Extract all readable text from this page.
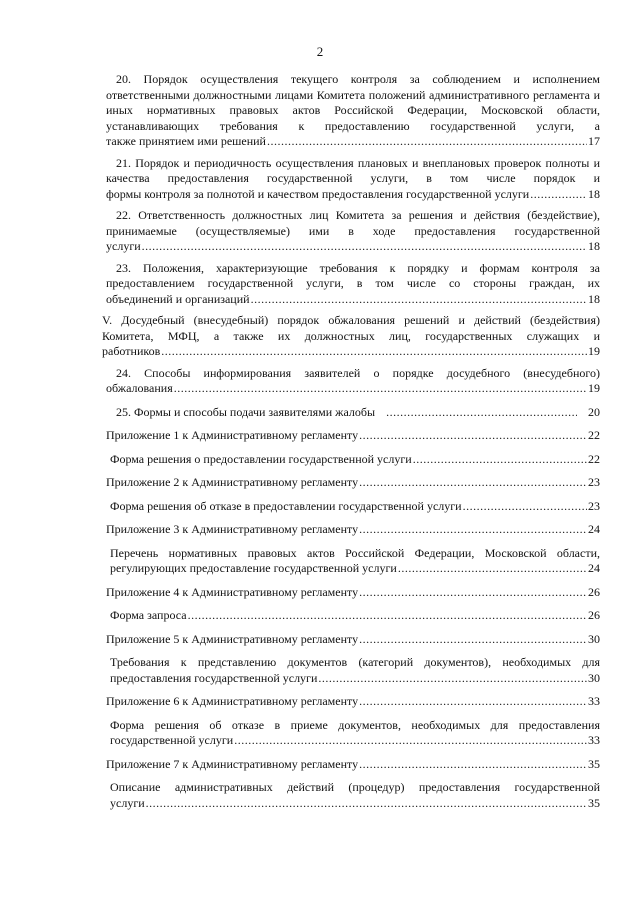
2
20. Порядок осуществления текущего контроля за соблюдением и исполнением ответственными должностными лицами Комитета положений административного регламента и иных нормативных правовых актов Российской Федерации, Московской области, устанавливающих требования к предоставлению государственной услуги, а
также принятием ими решений .....	17
21. Порядок и периодичность осуществления плановых и внеплановых проверок полноты и качества предоставления государственной услуги, в том числе порядок и
формы контроля за полнотой и качеством предоставления государственной услуги .....	18
22. Ответственность должностных лиц Комитета за решения и действия (бездействие), принимаемые (осуществляемые) ими в ходе предоставления государственной
услуги .....	18
23. Положения, характеризующие требования к порядку и формам контроля за предоставлением государственной услуги, в том числе со стороны граждан, их
объединений и организаций .....	18
V. Досудебный (внесудебный) порядок обжалования решений и действий (бездействия) Комитета, МФЦ, а также их должностных лиц, государственных служащих и
работников .....	19
24. Способы информирования заявителей о порядке досудебного (внесудебного)
обжалования .....	19
25. Формы и способы подачи заявителями жалобы .....	20
Приложение 1 к Административному регламенту .....	22
Форма решения о предоставлении государственной услуги .....	22
Приложение 2 к Административному регламенту .....	23
Форма решения об отказе в предоставлении государственной услуги .....	23
Приложение 3 к Административному регламенту .....	24
Перечень нормативных правовых актов Российской Федерации, Московской области,
регулирующих предоставление государственной услуги .....	24
Приложение 4 к Административному регламенту .....	26
Форма запроса .....	26
Приложение 5 к Административному регламенту .....	30
Требования к представлению документов (категорий документов), необходимых для
предоставления государственной услуги .....	30
Приложение 6 к Административному регламенту .....	33
Форма решения об отказе в приеме документов, необходимых для предоставления
государственной услуги .....	33
Приложение 7 к Административному регламенту .....	35
Описание административных действий (процедур) предоставления государственной
услуги .....	35
